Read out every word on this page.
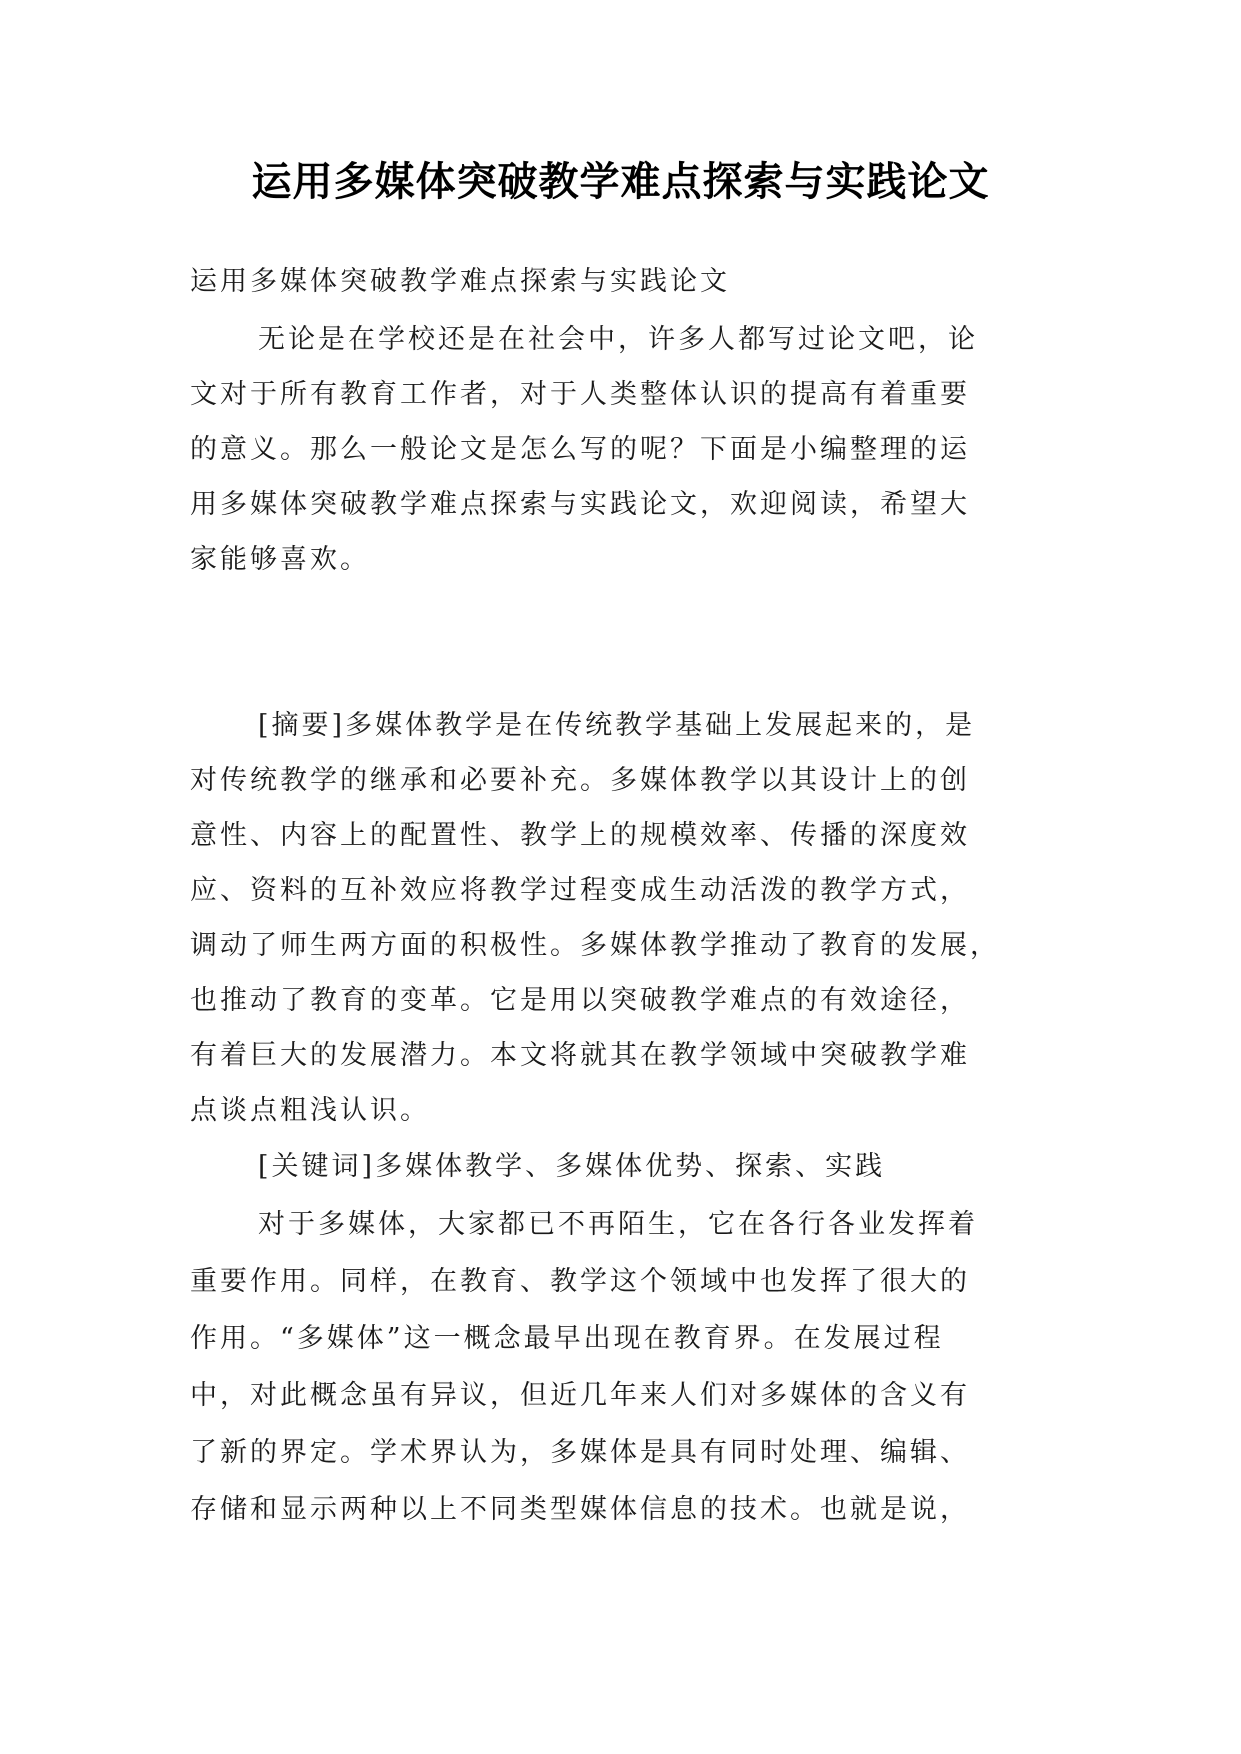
运用多媒体突破教学难点探索与实践论文
运用多媒体突破教学难点探索与实践论文
无论是在学校还是在社会中，许多人都写过论文吧，论
文对于所有教育工作者，对于人类整体认识的提高有着重要
的意义。那么一般论文是怎么写的呢？下面是小编整理的运
用多媒体突破教学难点探索与实践论文，欢迎阅读，希望大
家能够喜欢。
[摘要]多媒体教学是在传统教学基础上发展起来的，是
对传统教学的继承和必要补充。多媒体教学以其设计上的创
意性、内容上的配置性、教学上的规模效率、传播的深度效
应、资料的互补效应将教学过程变成生动活泼的教学方式，
调动了师生两方面的积极性。多媒体教学推动了教育的发展，
也推动了教育的变革。它是用以突破教学难点的有效途径，
有着巨大的发展潜力。本文将就其在教学领域中突破教学难
点谈点粗浅认识。
[关键词]多媒体教学、多媒体优势、探索、实践
对于多媒体，大家都已不再陌生，它在各行各业发挥着
重要作用。同样，在教育、教学这个领域中也发挥了很大的
作用。“多媒体”这一概念最早出现在教育界。在发展过程
中，对此概念虽有异议，但近几年来人们对多媒体的含义有
了新的界定。学术界认为，多媒体是具有同时处理、编辑、
存储和显示两种以上不同类型媒体信息的技术。也就是说，
